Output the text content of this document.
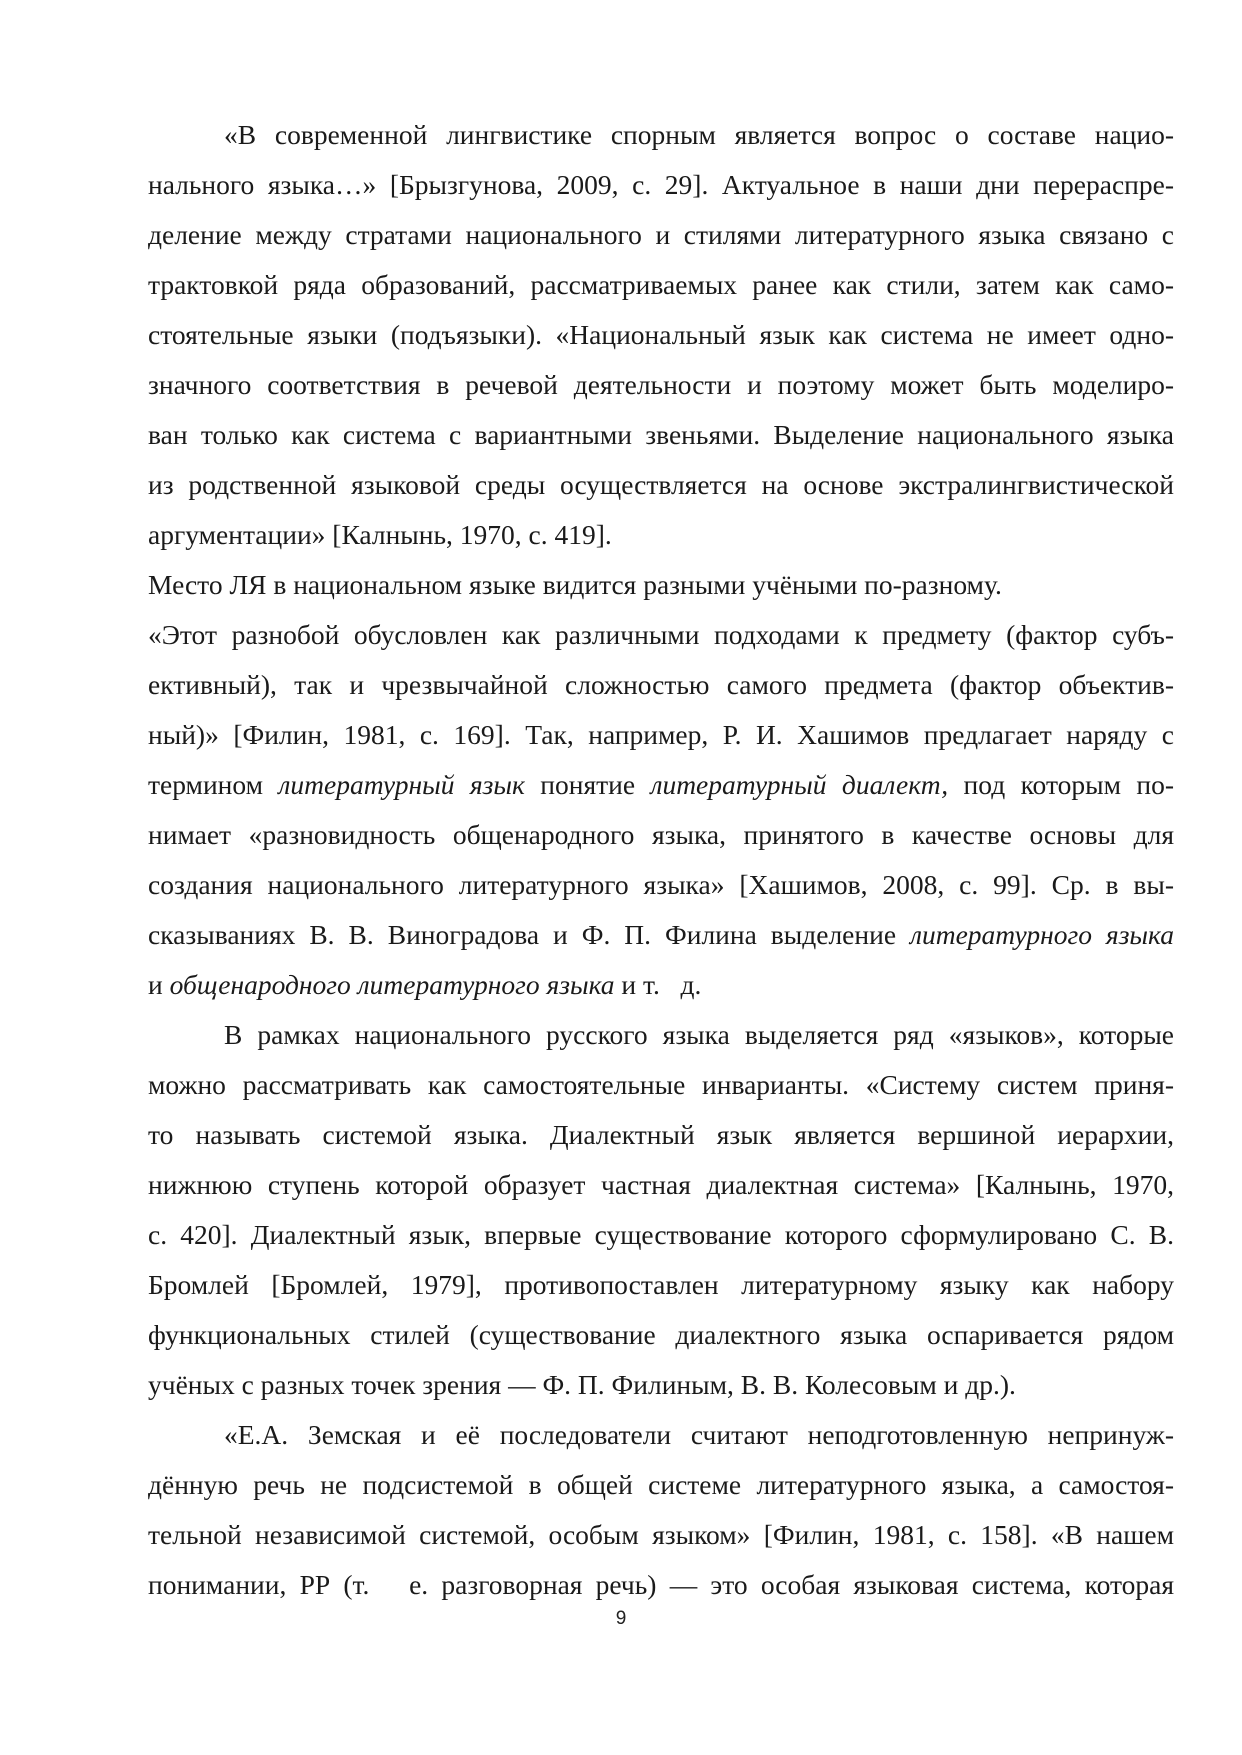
«В современной лингвистике спорным является вопрос о составе нацио-
нального языка…» [Брызгунова, 2009, с. 29]. Актуальное в наши дни перераспре-
деление между стратами национального и стилями литературного языка связано с
трактовкой ряда образований, рассматриваемых ранее как стили, затем как само-
стоятельные языки (подъязыки). «Национальный язык как система не имеет одно-
значного соответствия в речевой деятельности и поэтому может быть моделиро-
ван только как система с вариантными звеньями. Выделение национального языка
из родственной языковой среды осуществляется на основе экстралингвистической
аргументации» [Калнынь, 1970, с. 419].
Место ЛЯ в национальном языке видится разными учёными по-разному.
«Этот разнобой обусловлен как различными подходами к предмету (фактор субъ-
ективный), так и чрезвычайной сложностью самого предмета (фактор объектив-
ный)» [Филин, 1981, с. 169]. Так, например, Р. И. Хашимов предлагает наряду с
термином литературный язык понятие литературный диалект, под которым по-
нимает «разновидность общенародного языка, принятого в качестве основы для
создания национального литературного языка» [Хашимов, 2008, с. 99]. Ср. в вы-
сказываниях В. В. Виноградова и Ф. П. Филина выделение литературного языка
и общенародного литературного языка и т.   д.
В рамках национального русского языка выделяется ряд «языков», которые
можно рассматривать как самостоятельные инварианты. «Систему систем приня-
то называть системой языка. Диалектный язык является вершиной иерархии,
нижнюю ступень которой образует частная диалектная система» [Калнынь, 1970,
с. 420]. Диалектный язык, впервые существование которого сформулировано С. В.
Бромлей [Бромлей, 1979], противопоставлен литературному языку как набору
функциональных стилей (существование диалектного языка оспаривается рядом
учёных с разных точек зрения — Ф. П. Филиным, В. В. Колесовым и др.).
«Е.А. Земская и её последователи считают неподготовленную непринуж-
дённую речь не подсистемой в общей системе литературного языка, а самостоя-
тельной независимой системой, особым языком» [Филин, 1981, с. 158]. «В нашем
понимании, РР (т.   е. разговорная речь) — это особая языковая система, которая
9
